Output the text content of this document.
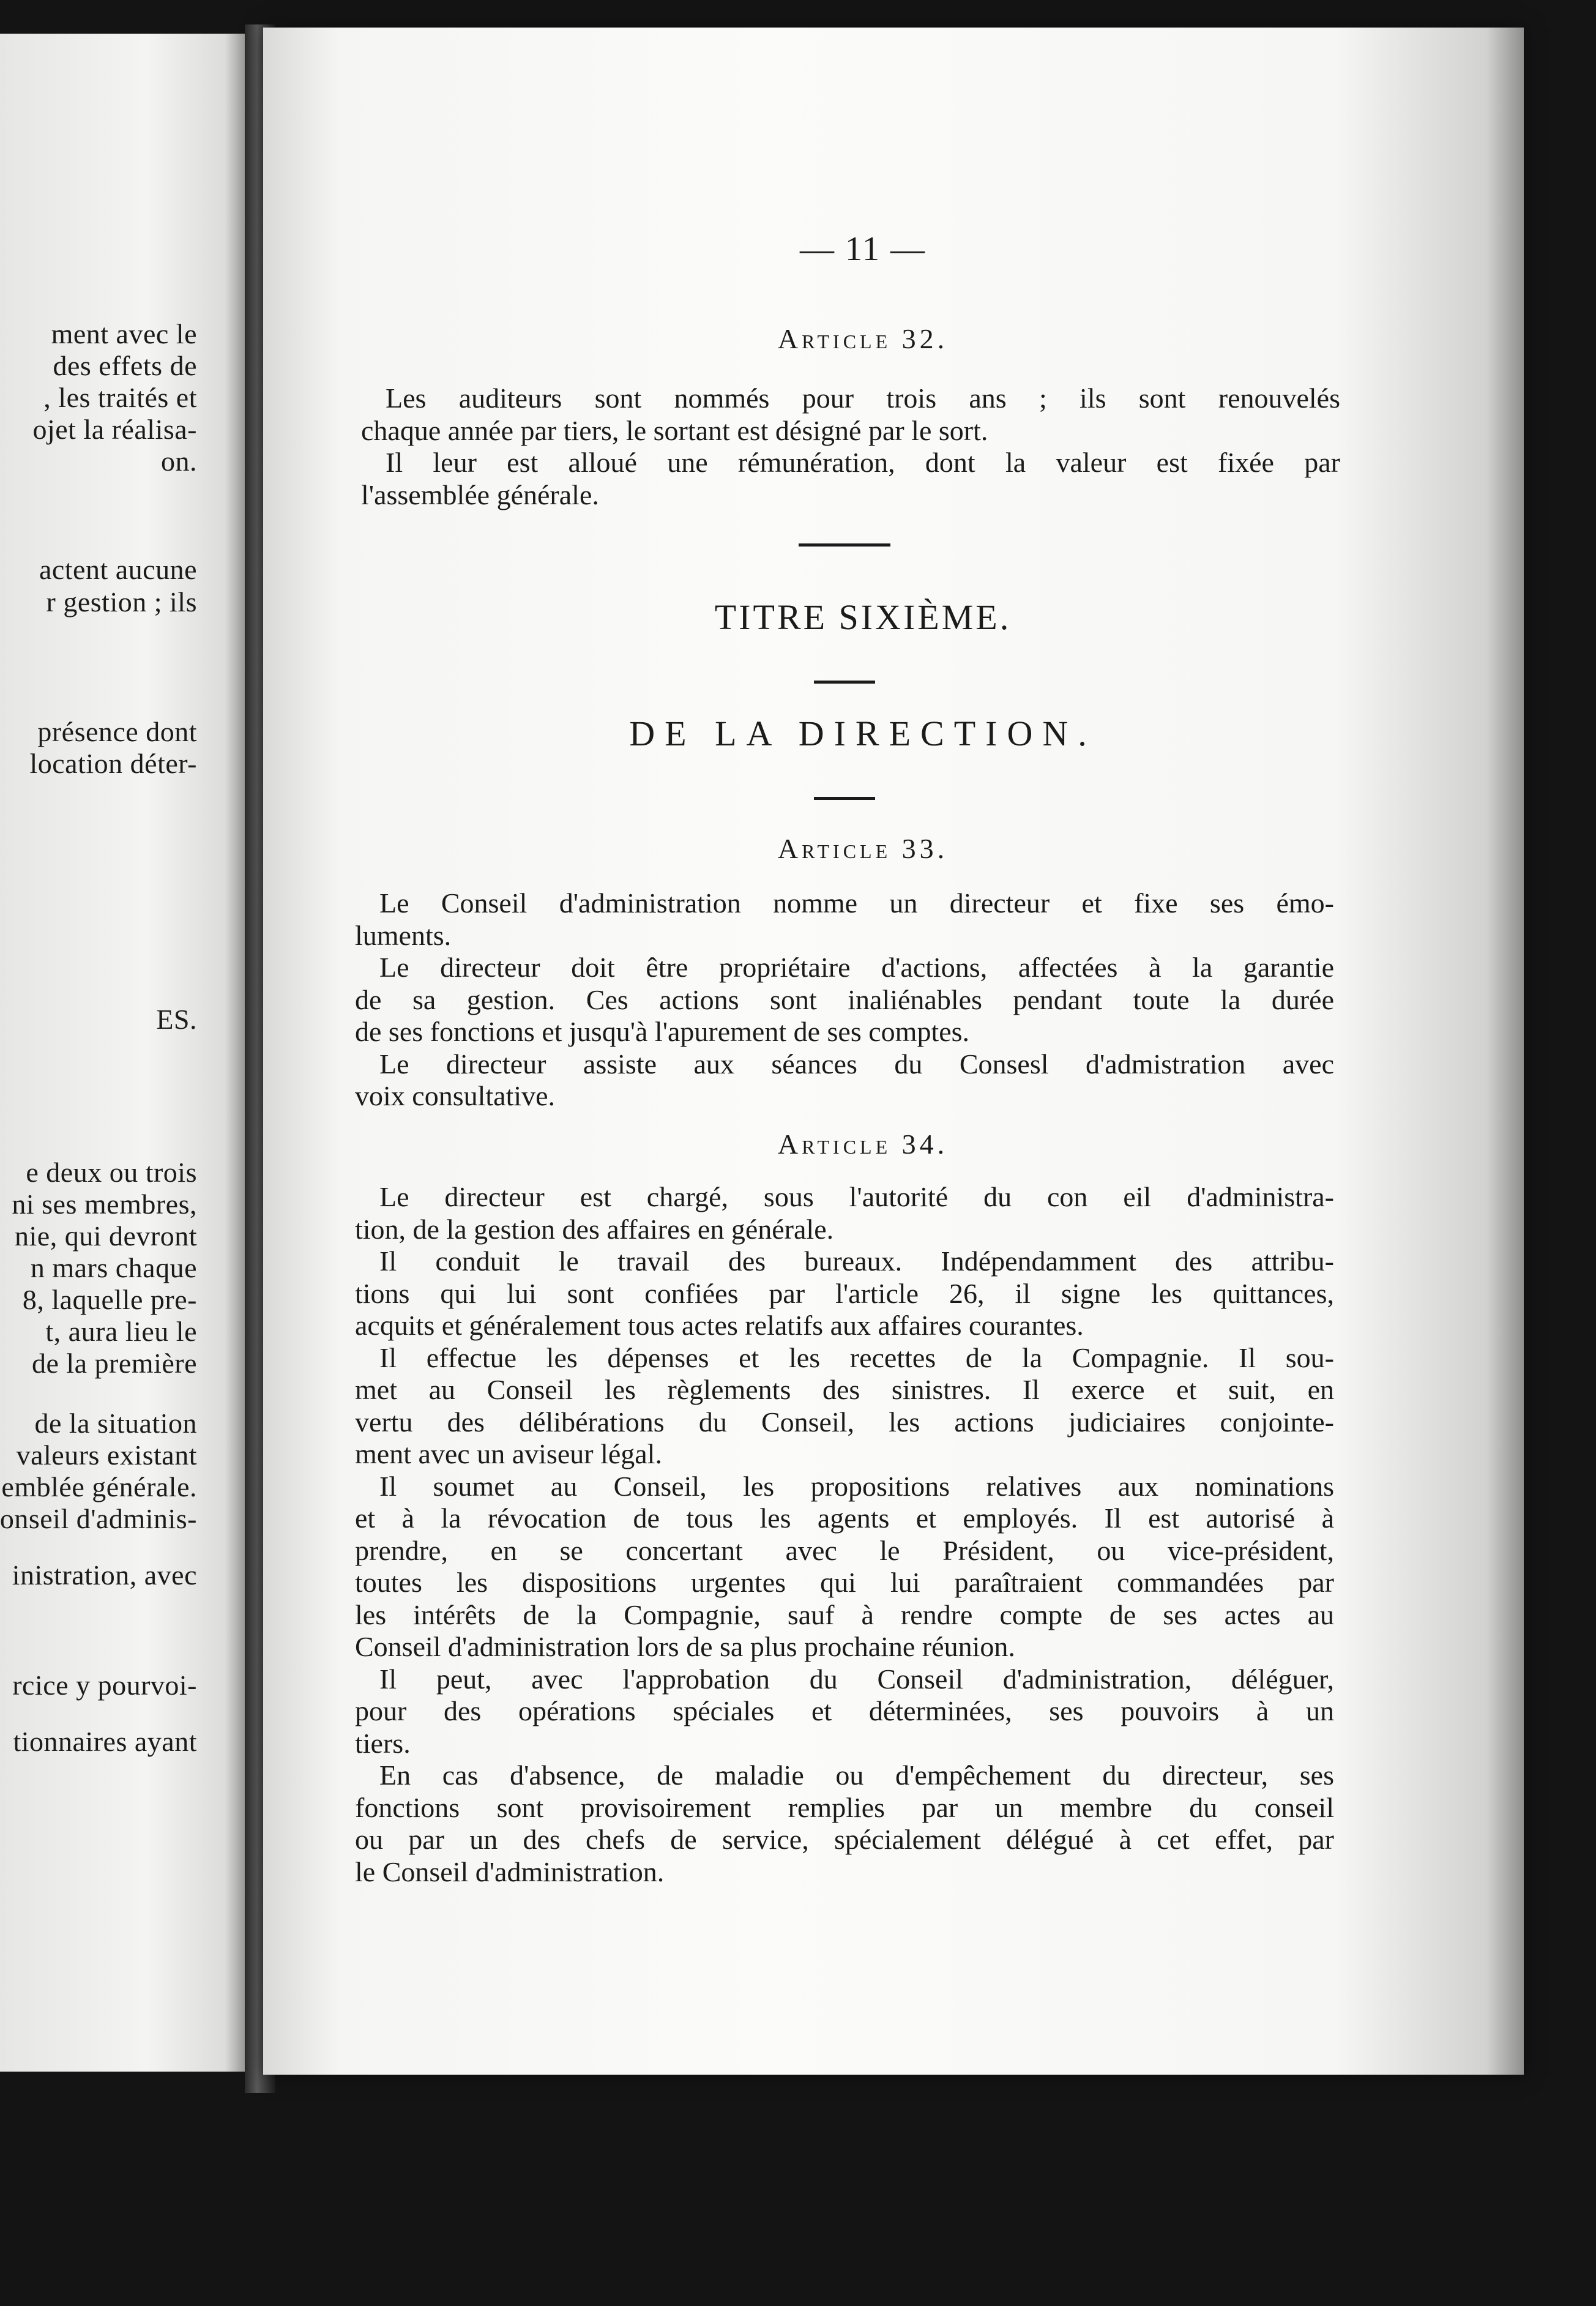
ment avec le
des effets de
, les traités et
ojet la réalisa-
on.
actent aucune
r gestion ; ils
présence dont
location déter-
ES.
e deux ou trois
ni ses membres,
nie, qui devront
n mars chaque
8, laquelle pre-
t, aura lieu le
de la première
de la situation
valeurs existant
emblée générale.
onseil d'adminis-
inistration, avec
rcice y pourvoi-
tionnaires ayant
— 11 —
Article 32.
Les auditeurs sont nommés pour trois ans ; ils sont renouvelés
chaque année par tiers, le sortant est désigné par le sort.
Il leur est alloué une rémunération, dont la valeur est fixée par
l'assemblée générale.
TITRE SIXIÈME.
DE LA DIRECTION.
Article 33.
Le Conseil d'administration nomme un directeur et fixe ses émo-
luments.
Le directeur doit être propriétaire d'actions, affectées à la garantie
de sa gestion. Ces actions sont inaliénables pendant toute la durée
de ses fonctions et jusqu'à l'apurement de ses comptes.
Le directeur assiste aux séances du Consesl d'admistration avec
voix consultative.
Article 34.
Le directeur est chargé, sous l'autorité du con eil d'administra-
tion, de la gestion des affaires en générale.
Il conduit le travail des bureaux. Indépendamment des attribu-
tions qui lui sont confiées par l'article 26, il signe les quittances,
acquits et généralement tous actes relatifs aux affaires courantes.
Il effectue les dépenses et les recettes de la Compagnie. Il sou-
met au Conseil les règlements des sinistres. Il exerce et suit, en
vertu des délibérations du Conseil, les actions judiciaires conjointe-
ment avec un aviseur légal.
Il soumet au Conseil, les propositions relatives aux nominations
et à la révocation de tous les agents et employés. Il est autorisé à
prendre, en se concertant avec le Président, ou vice-président,
toutes les dispositions urgentes qui lui paraîtraient commandées par
les intérêts de la Compagnie, sauf à rendre compte de ses actes au
Conseil d'administration lors de sa plus prochaine réunion.
Il peut, avec l'approbation du Conseil d'administration, déléguer,
pour des opérations spéciales et déterminées, ses pouvoirs à un
tiers.
En cas d'absence, de maladie ou d'empêchement du directeur, ses
fonctions sont provisoirement remplies par un membre du conseil
ou par un des chefs de service, spécialement délégué à cet effet, par
le Conseil d'administration.
